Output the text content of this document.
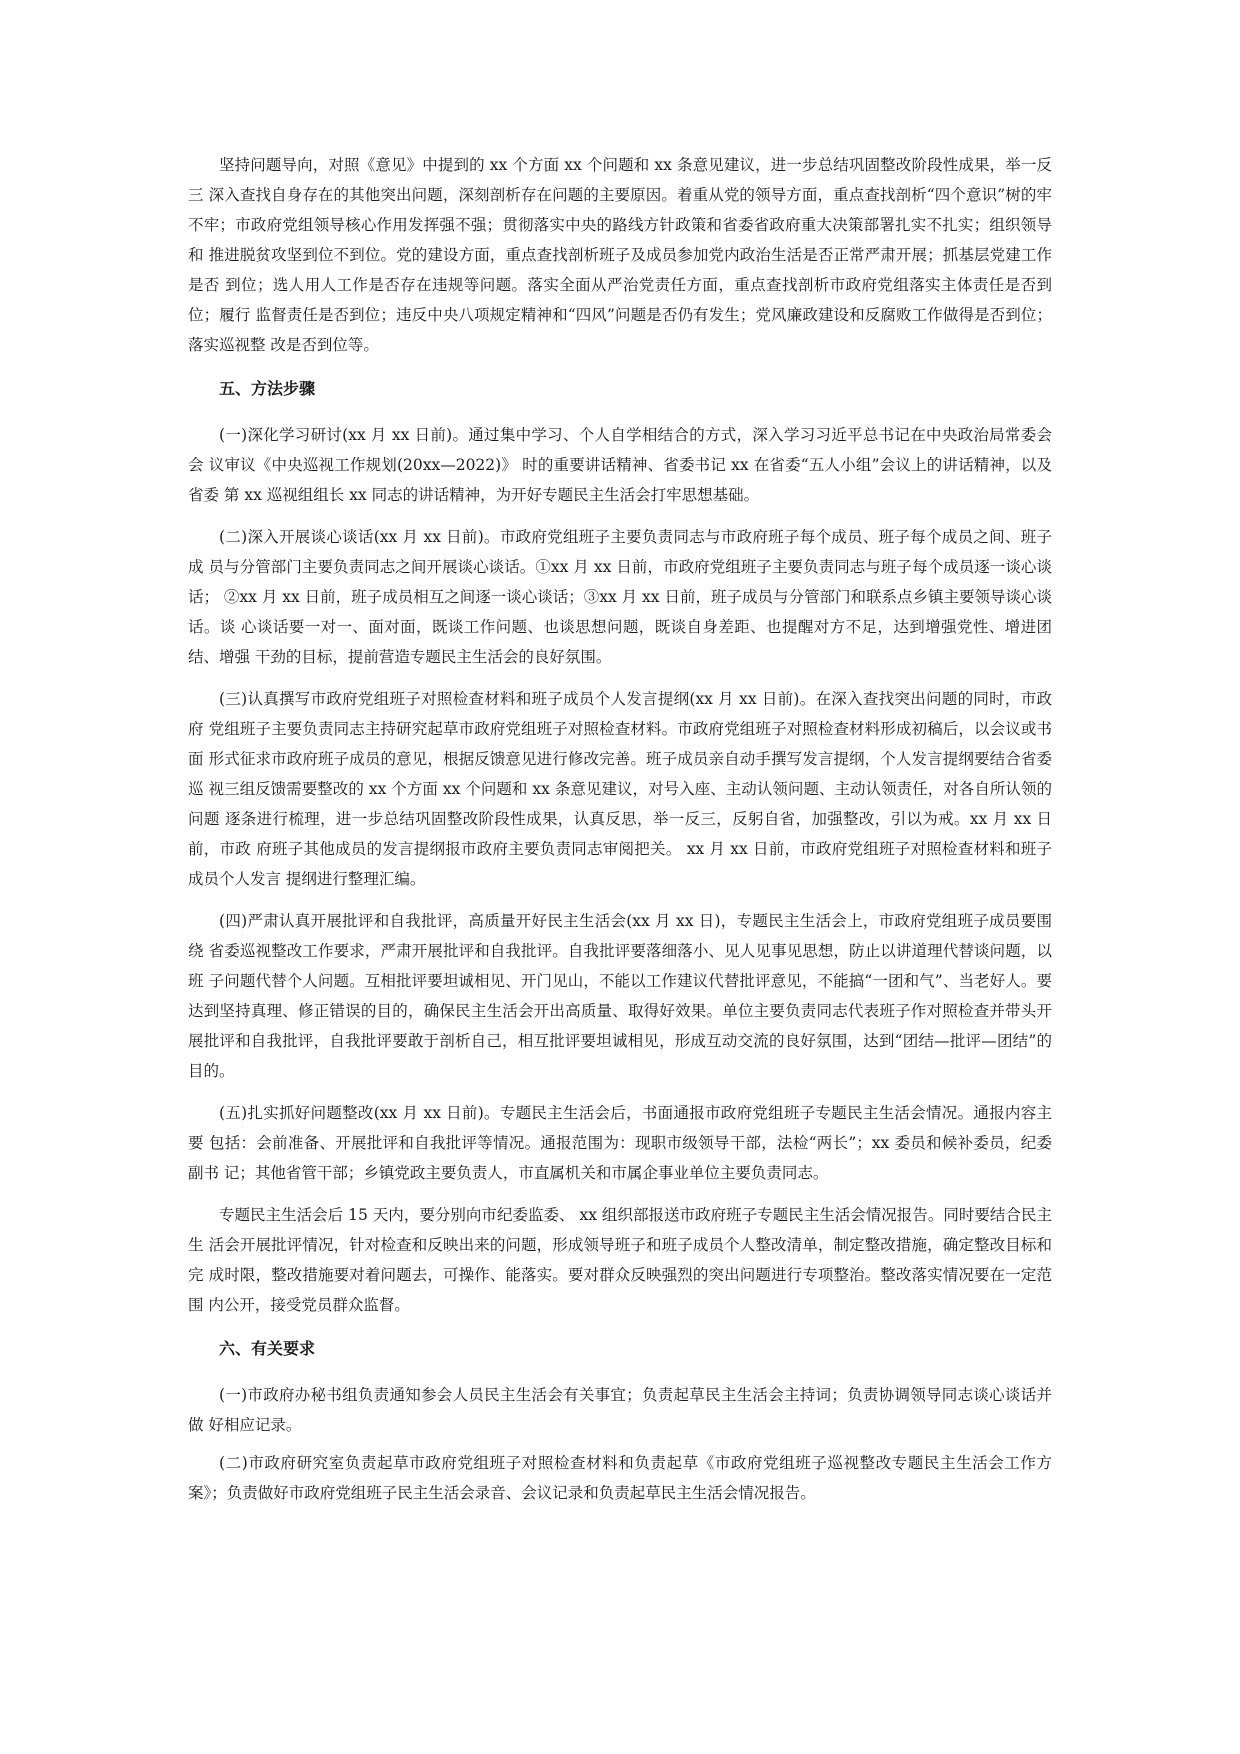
坚持问题导向，对照《意见》中提到的 xx 个方面 xx 个问题和 xx 条意见建议，进一步总结巩固整改阶段性成果，举一反三 深入查找自身存在的其他突出问题，深刻剖析存在问题的主要原因。着重从党的领导方面，重点查找剖析“四个意识”树的牢 不牢；市政府党组领导核心作用发挥强不强；贯彻落实中央的路线方针政策和省委省政府重大决策部署扎实不扎实；组织领导和 推进脱贫攻坚到位不到位。党的建设方面，重点查找剖析班子及成员参加党内政治生活是否正常严肃开展；抓基层党建工作是否 到位；选人用人工作是否存在违规等问题。落实全面从严治党责任方面，重点查找剖析市政府党组落实主体责任是否到位；履行 监督责任是否到位；违反中央八项规定精神和“四风”问题是否仍有发生；党风廉政建设和反腐败工作做得是否到位；落实巡视整 改是否到位等。

五、方法步骤

(一)深化学习研讨(xx 月 xx 日前)。通过集中学习、个人自学相结合的方式，深入学习习近平总书记在中央政治局常委会会 议审议《中央巡视工作规划(20xx—2022)》 时的重要讲话精神、省委书记 xx 在省委“五人小组”会议上的讲话精神，以及省委 第 xx 巡视组组长 xx 同志的讲话精神，为开好专题民主生活会打牢思想基础。

(二)深入开展谈心谈话(xx 月 xx 日前)。市政府党组班子主要负责同志与市政府班子每个成员、班子每个成员之间、班子成 员与分管部门主要负责同志之间开展谈心谈话。①xx 月 xx 日前，市政府党组班子主要负责同志与班子每个成员逐一谈心谈话； ②xx 月 xx 日前，班子成员相互之间逐一谈心谈话；③xx 月 xx 日前，班子成员与分管部门和联系点乡镇主要领导谈心谈话。谈 心谈话要一对一、面对面，既谈工作问题、也谈思想问题，既谈自身差距、也提醒对方不足，达到增强党性、增进团结、增强 干劲的目标，提前营造专题民主生活会的良好氛围。

(三)认真撰写市政府党组班子对照检查材料和班子成员个人发言提纲(xx 月 xx 日前)。在深入查找突出问题的同时，市政府 党组班子主要负责同志主持研究起草市政府党组班子对照检查材料。市政府党组班子对照检查材料形成初稿后，以会议或书面 形式征求市政府班子成员的意见，根据反馈意见进行修改完善。班子成员亲自动手撰写发言提纲，个人发言提纲要结合省委巡 视三组反馈需要整改的 xx 个方面 xx 个问题和 xx 条意见建议，对号入座、主动认领问题、主动认领责任，对各自所认领的问题 逐条进行梳理，进一步总结巩固整改阶段性成果，认真反思，举一反三，反躬自省，加强整改，引以为戒。xx 月 xx 日前，市政 府班子其他成员的发言提纲报市政府主要负责同志审阅把关。 xx 月 xx 日前，市政府党组班子对照检查材料和班子成员个人发言 提纲进行整理汇编。

(四)严肃认真开展批评和自我批评，高质量开好民主生活会(xx 月 xx 日)，专题民主生活会上，市政府党组班子成员要围绕 省委巡视整改工作要求，严肃开展批评和自我批评。自我批评要落细落小、见人见事见思想，防止以讲道理代替谈问题，以班 子问题代替个人问题。互相批评要坦诚相见、开门见山，不能以工作建议代替批评意见，不能搞“一团和气”、当老好人。要 达到坚持真理、修正错误的目的，确保民主生活会开出高质量、取得好效果。单位主要负责同志代表班子作对照检查并带头开 展批评和自我批评，自我批评要敢于剖析自己，相互批评要坦诚相见，形成互动交流的良好氛围，达到“团结—批评—团结”的 目的。

(五)扎实抓好问题整改(xx 月 xx 日前)。专题民主生活会后，书面通报市政府党组班子专题民主生活会情况。通报内容主要 包括：会前准备、开展批评和自我批评等情况。通报范围为：现职市级领导干部，法检“两长”；xx 委员和候补委员，纪委副书 记；其他省管干部；乡镇党政主要负责人，市直属机关和市属企事业单位主要负责同志。

专题民主生活会后 15 天内，要分别向市纪委监委、 xx 组织部报送市政府班子专题民主生活会情况报告。同时要结合民主生 活会开展批评情况，针对检查和反映出来的问题，形成领导班子和班子成员个人整改清单，制定整改措施，确定整改目标和完 成时限，整改措施要对着问题去，可操作、能落实。要对群众反映强烈的突出问题进行专项整治。整改落实情况要在一定范围 内公开，接受党员群众监督。

六、有关要求

(一)市政府办秘书组负责通知参会人员民主生活会有关事宜；负责起草民主生活会主持词；负责协调领导同志谈心谈话并做 好相应记录。

(二)市政府研究室负责起草市政府党组班子对照检查材料和负责起草《市政府党组班子巡视整改专题民主生活会工作方案》；负责做好市政府党组班子民主生活会录音、会议记录和负责起草民主生活会情况报告。
